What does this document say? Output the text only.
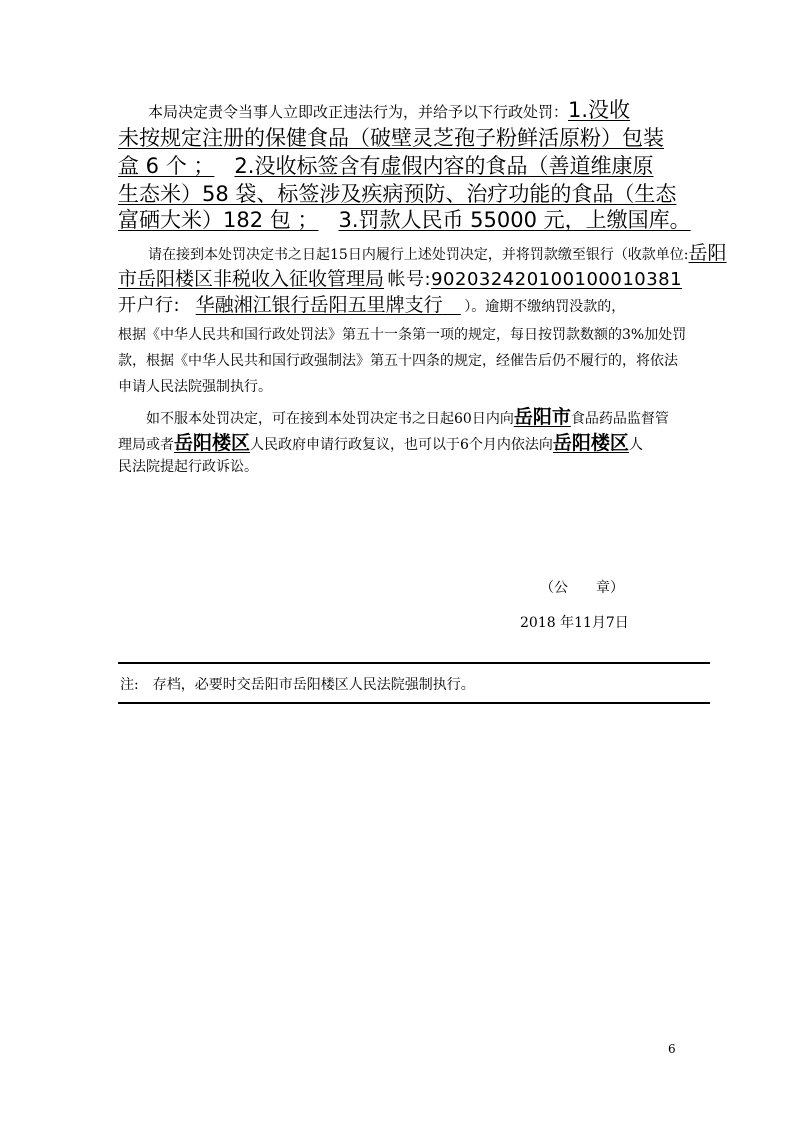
本局决定责令当事人立即改正违法行为，并给予以下行政处罚：1.没收
未按规定注册的保健食品（破壁灵芝孢子粉鲜活原粉）包装
盒 6 个 ； 2.没收标签含有虚假内容的食品（善道维康原
生态米）58 袋、标签涉及疾病预防、治疗功能的食品（生态
富硒大米）182 包 ； 3.罚款人民币 55000 元，上缴国库。
请在接到本处罚决定书之日起15日内履行上述处罚决定，并将罚款缴至银行（收款单位:岳阳
市岳阳楼区非税收入征收管理局 帐号:902032420100100010381
开户行: 华融湘江银行岳阳五里牌支行 ）。逾期不缴纳罚没款的，
根据《中华人民共和国行政处罚法》第五十一条第一项的规定，每日按罚款数额的3%加处罚
款，根据《中华人民共和国行政强制法》第五十四条的规定，经催告后仍不履行的，将依法
申请人民法院强制执行。
如不服本处罚决定，可在接到本处罚决定书之日起60日内向岳阳市食品药品监督管
理局或者岳阳楼区人民政府申请行政复议，也可以于6个月内依法向岳阳楼区人
民法院提起行政诉讼。
（公　　章）
2018 年11月7日
注:　存档，必要时交岳阳市岳阳楼区人民法院强制执行。
6
